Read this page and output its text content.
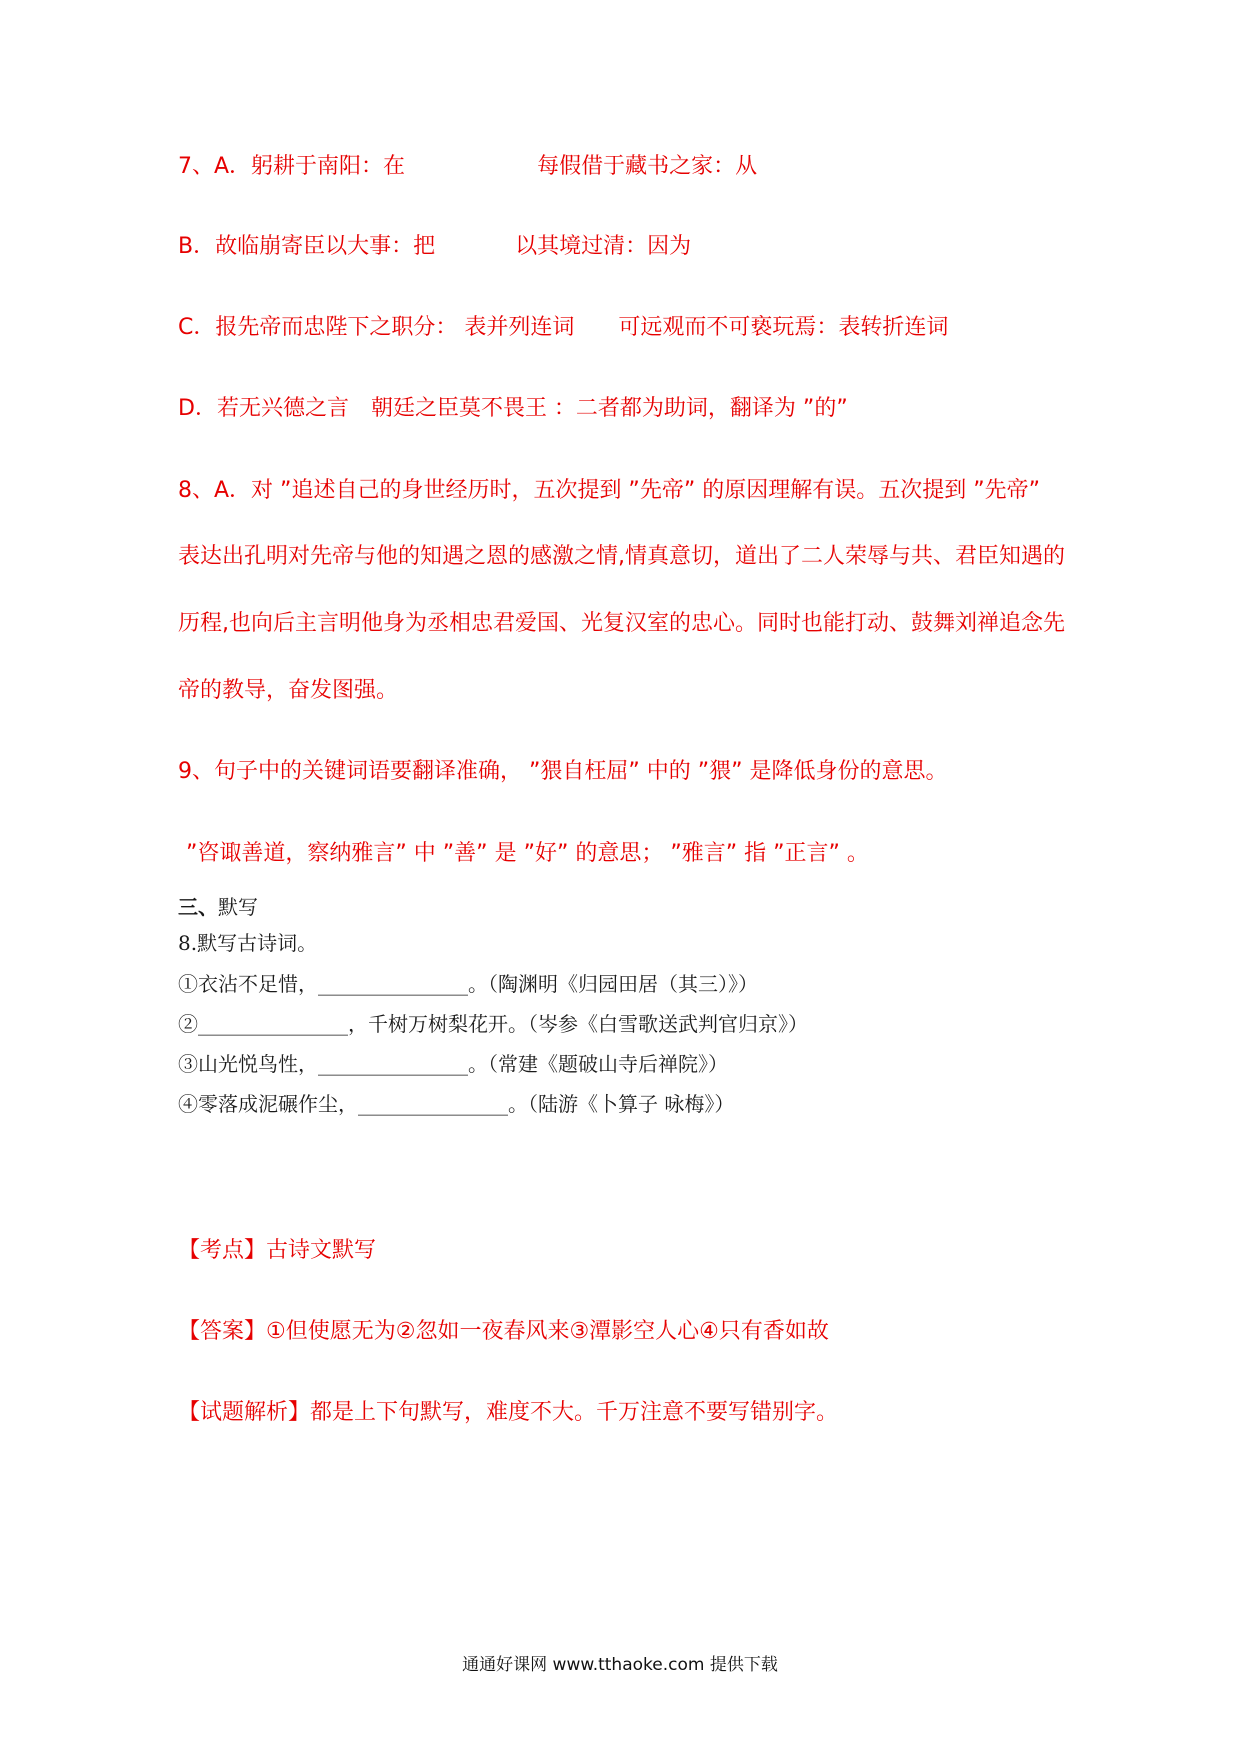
7、A．躬耕于南阳：在	每假借于藏书之家：从
B．故临崩寄臣以大事：把	以其境过清：因为
C．报先帝而忠陛下之职分： 表并列连词 可远观而不可亵玩焉：表转折连词
D．若无兴德之言　朝廷之臣莫不畏王 ：二者都为助词，翻译为 ”的”
8、A．对 ”追述自己的身世经历时，五次提到 ”先帝” 的原因理解有误。五次提到 ”先帝”
表达出孔明对先帝与他的知遇之恩的感激之情,情真意切，道出了二人荣辱与共、君臣知遇的
历程,也向后主言明他身为丞相忠君爱国、光复汉室的忠心。同时也能打动、鼓舞刘禅追念先
帝的教导，奋发图强。
9、句子中的关键词语要翻译准确， ”猥自枉屈” 中的 ”猥” 是降低身份的意思。
”咨诹善道，察纳雅言” 中 ”善” 是 ”好” 的意思； ”雅言” 指 ”正言” 。
三、默写
8.默写古诗词。
①衣沾不足惜，_______________。（陶渊明《归园田居（其三）》）
②_______________，千树万树梨花开。（岑参《白雪歌送武判官归京》）
③山光悦鸟性，_______________。（常建《题破山寺后禅院》）
④零落成泥碾作尘，_______________。（陆游《卜算子 咏梅》）
【考点】古诗文默写
【答案】①但使愿无为②忽如一夜春风来③潭影空人心④只有香如故
【试题解析】都是上下句默写，难度不大。千万注意不要写错别字。
通通好课网 www.tthaoke.com 提供下载
